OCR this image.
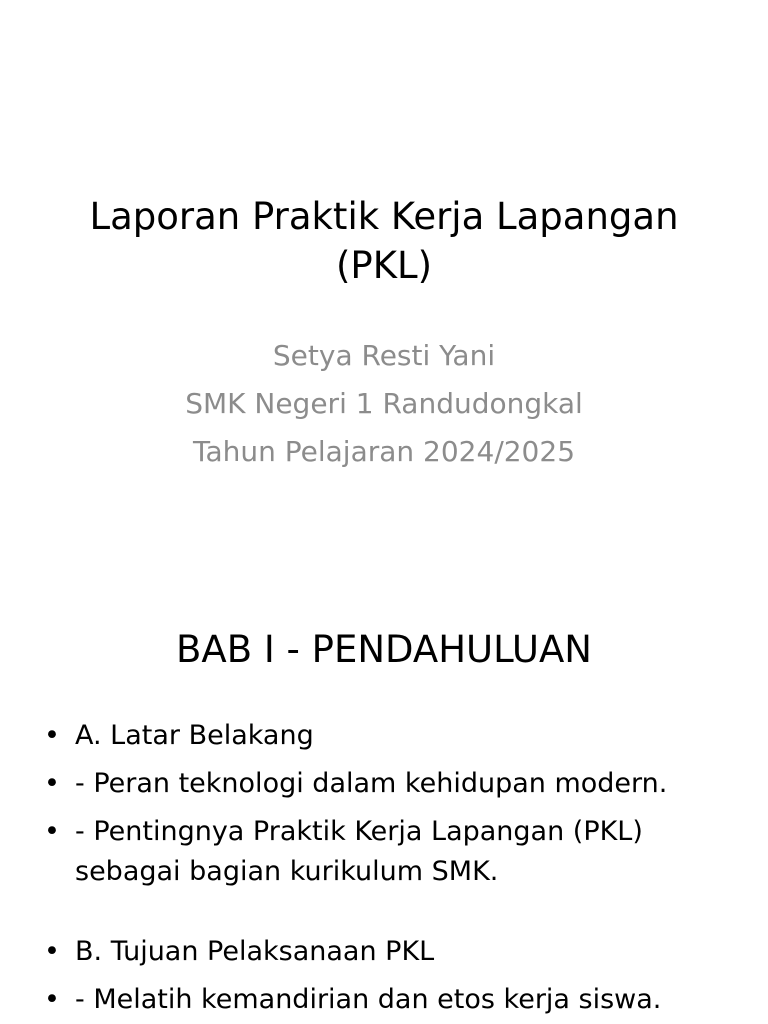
Laporan Praktik Kerja Lapangan
(PKL)
Setya Resti Yani
SMK Negeri 1 Randudongkal
Tahun Pelajaran 2024/2025
BAB I - PENDAHULUAN
• A. Latar Belakang
• - Peran teknologi dalam kehidupan modern.
• - Pentingnya Praktik Kerja Lapangan (PKL) sebagai bagian kurikulum SMK.
• B. Tujuan Pelaksanaan PKL
• - Melatih kemandirian dan etos kerja siswa.
